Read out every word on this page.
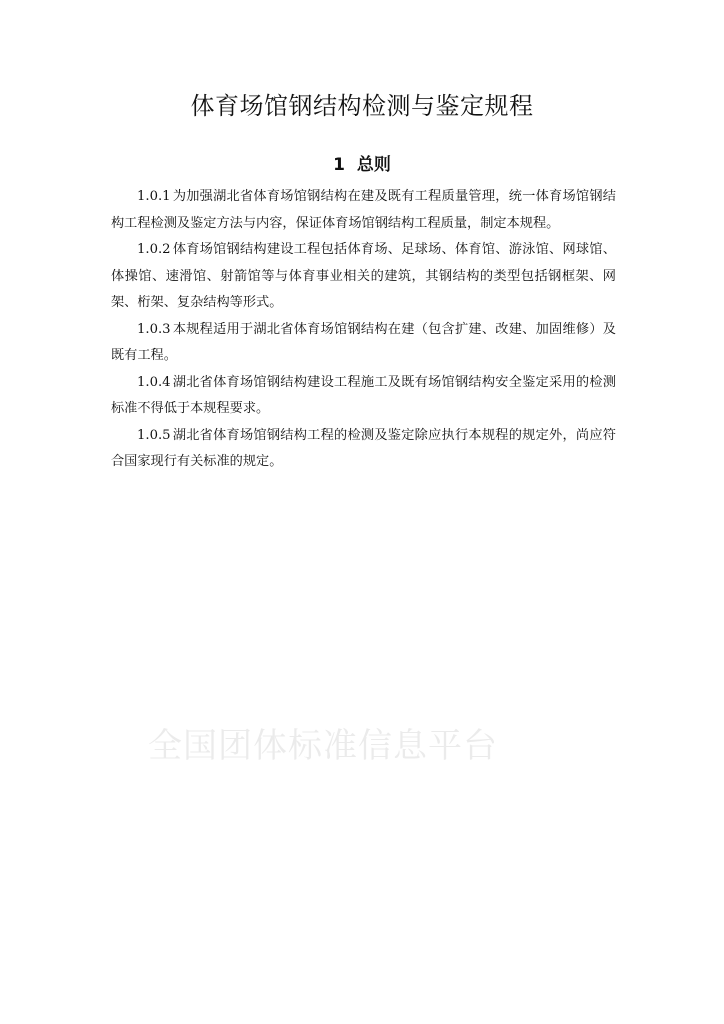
体育场馆钢结构检测与鉴定规程
1 总则

1.0.1 为加强湖北省体育场馆钢结构在建及既有工程质量管理，统一体育场馆钢结构工程检测及鉴定方法与内容，保证体育场馆钢结构工程质量，制定本规程。

1.0.2 体育场馆钢结构建设工程包括体育场、足球场、体育馆、游泳馆、网球馆、体操馆、速滑馆、射箭馆等与体育事业相关的建筑，其钢结构的类型包括钢框架、网架、桁架、复杂结构等形式。

1.0.3 本规程适用于湖北省体育场馆钢结构在建（包含扩建、改建、加固维修）及既有工程。

1.0.4 湖北省体育场馆钢结构建设工程施工及既有场馆钢结构安全鉴定采用的检测标准不得低于本规程要求。

1.0.5 湖北省体育场馆钢结构工程的检测及鉴定除应执行本规程的规定外，尚应符合国家现行有关标准的规定。

全国团体标准信息平台
